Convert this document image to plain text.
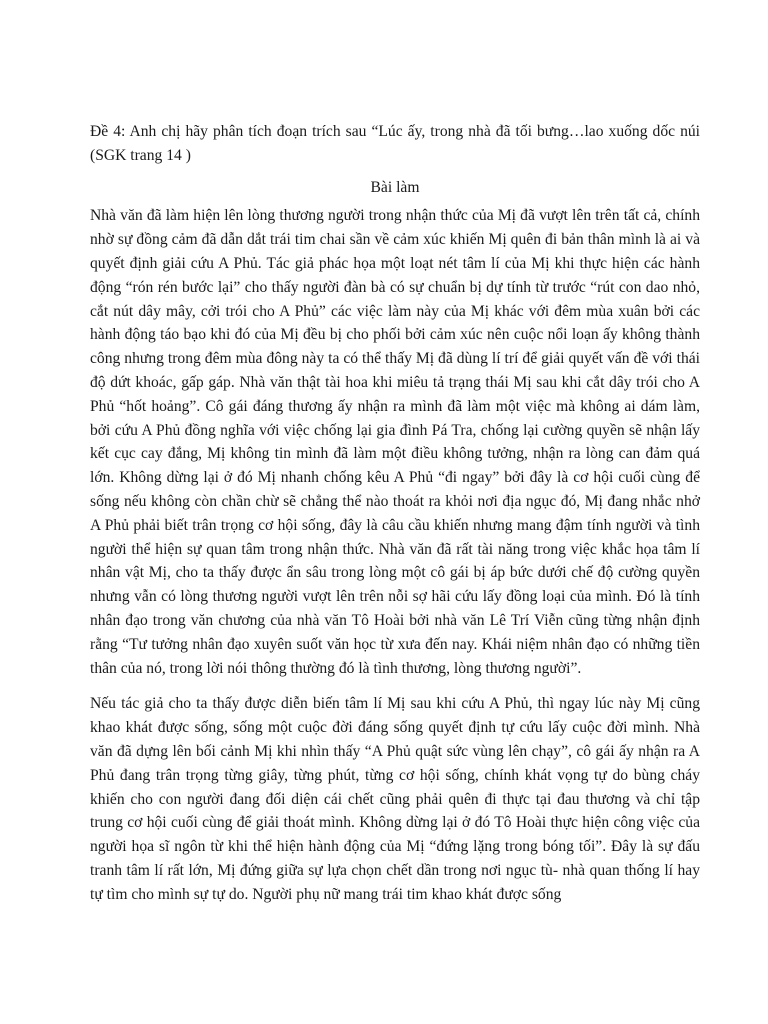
Đề 4: Anh chị hãy phân tích đoạn trích sau “Lúc ấy, trong nhà đã tối bưng…lao xuống dốc núi (SGK trang 14 )

Bài làm

Nhà văn đã làm hiện lên lòng thương người trong nhận thức của Mị đã vượt lên trên tất cả, chính nhờ sự đồng cảm đã dẫn dắt trái tim chai sần về cảm xúc khiến Mị quên đi bản thân mình là ai và quyết định giải cứu A Phủ. Tác giả phác họa một loạt nét tâm lí của Mị khi thực hiện các hành động “rón rén bước lại” cho thấy người đàn bà có sự chuẩn bị dự tính từ trước “rút con dao nhỏ, cắt nút dây mây, cởi trói cho A Phủ” các việc làm này của Mị khác với đêm mùa xuân bởi các hành động táo bạo khi đó của Mị đều bị cho phối bởi cảm xúc nên cuộc nổi loạn ấy không thành công nhưng trong đêm mùa đông này ta có thể thấy Mị đã dùng lí trí để giải quyết vấn đề với thái độ dứt khoác, gấp gáp. Nhà văn thật tài hoa khi miêu tả trạng thái Mị sau khi cắt dây trói cho A Phủ “hốt hoảng”. Cô gái đáng thương ấy nhận ra mình đã làm một việc mà không ai dám làm, bởi cứu A Phủ đồng nghĩa với việc chống lại gia đình Pá Tra, chống lại cường quyền sẽ nhận lấy kết cục cay đắng, Mị không tin mình đã làm một điều không tưởng, nhận ra lòng can đảm quá lớn. Không dừng lại ở đó Mị nhanh chống kêu A Phủ “đi ngay” bởi đây là cơ hội cuối cùng để sống nếu không còn chần chừ sẽ chẳng thể nào thoát ra khỏi nơi địa ngục đó, Mị đang nhắc nhở A Phủ phải biết trân trọng cơ hội sống, đây là câu cầu khiến nhưng mang đậm tính người và tình người thể hiện sự quan tâm trong nhận thức. Nhà văn đã rất tài năng trong việc khắc họa tâm lí nhân vật Mị, cho ta thấy được ẩn sâu trong lòng một cô gái bị áp bức dưới chế độ cường quyền nhưng vẫn có lòng thương người vượt lên trên nỗi sợ hãi cứu lấy đồng loại của mình. Đó là tính nhân đạo trong văn chương của nhà văn Tô Hoài bởi nhà văn Lê Trí Viễn cũng từng nhận định rằng “Tư tưởng nhân đạo xuyên suốt văn học từ xưa đến nay. Khái niệm nhân đạo có những tiền thân của nó, trong lời nói thông thường đó là tình thương, lòng thương người”.

Nếu tác giả cho ta thấy được diễn biến tâm lí Mị sau khi cứu A Phủ, thì ngay lúc này Mị cũng khao khát được sống, sống một cuộc đời đáng sống quyết định tự cứu lấy cuộc đời mình. Nhà văn đã dựng lên bối cảnh Mị khi nhìn thấy “A Phủ quật sức vùng lên chạy”, cô gái ấy nhận ra A Phủ đang trân trọng từng giây, từng phút, từng cơ hội sống, chính khát vọng tự do bùng cháy khiến cho con người đang đối diện cái chết cũng phải quên đi thực tại đau thương và chỉ tập trung cơ hội cuối cùng để giải thoát mình. Không dừng lại ở đó Tô Hoài thực hiện công việc của người họa sĩ ngôn từ khi thể hiện hành động của Mị “đứng lặng trong bóng tối”. Đây là sự đấu tranh tâm lí rất lớn, Mị đứng giữa sự lựa chọn chết dần trong nơi ngục tù- nhà quan thống lí hay tự tìm cho mình sự tự do. Người phụ nữ mang trái tim khao khát được sống
